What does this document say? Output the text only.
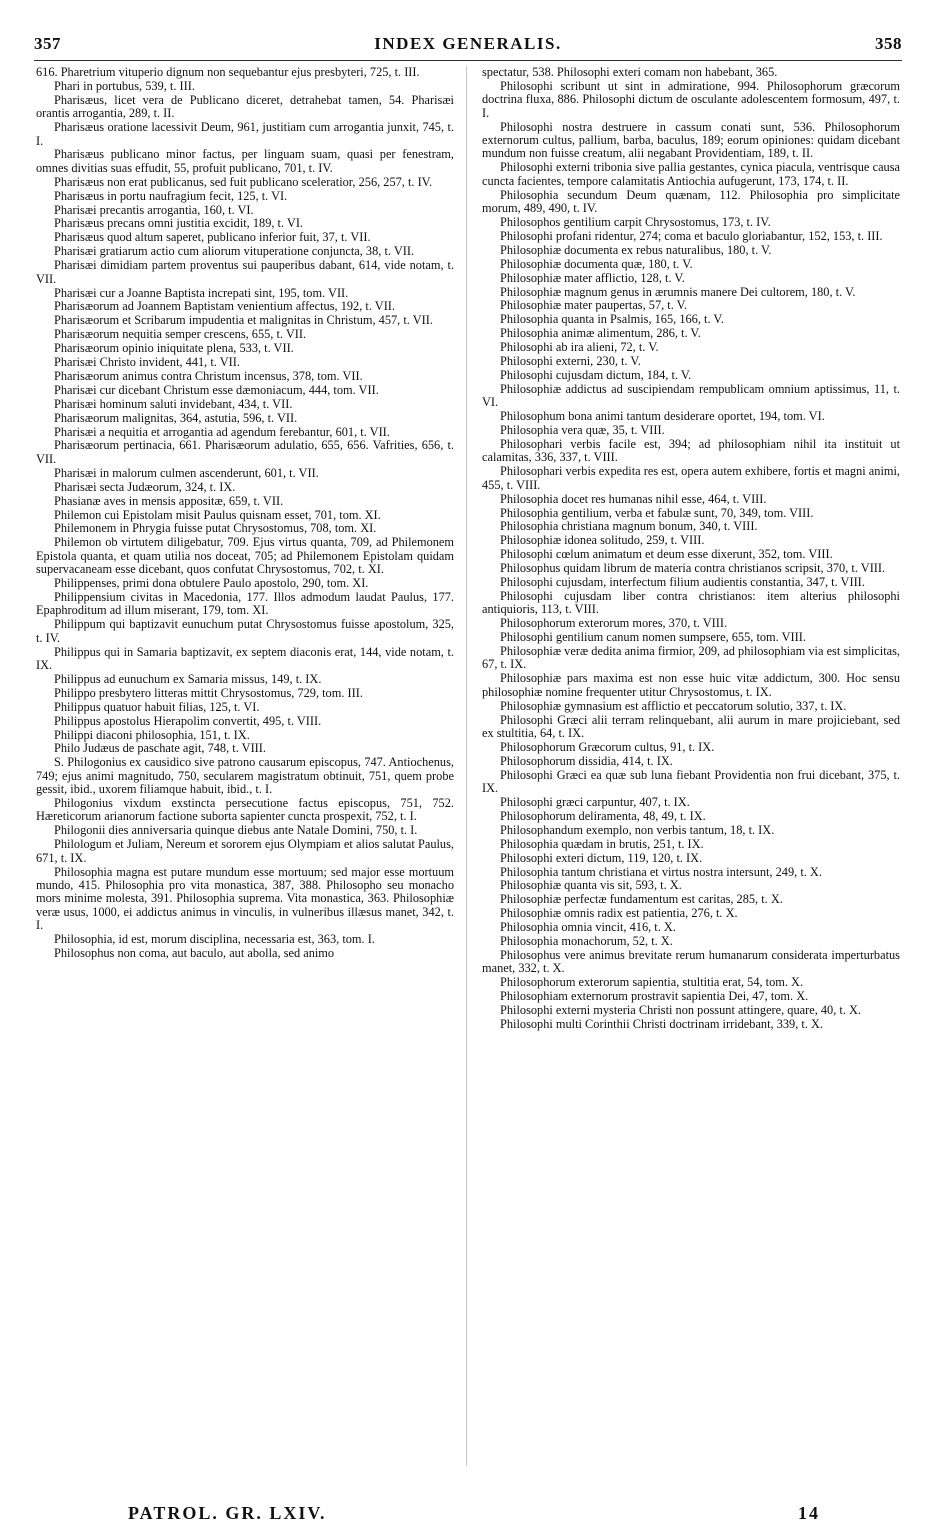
357	INDEX GENERALIS.	358

616. Pharetrium vituperio dignum non sequebantur ejus presbyteri, 725, t. III.

Phari in portubus, 539, t. III.

Pharisæus, licet vera de Publicano diceret, detrahebat tamen, 54. Pharisæi orantis arrogantia, 289, t. II.

Pharisæus oratione lacessivit Deum, 961, justitiam cum arrogantia junxit, 745, t. I.

Pharisæus publicano minor factus, per linguam suam, quasi per fenestram, omnes divitias suas effudit, 55, profuit publicano, 701, t. IV.

Pharisæus non erat publicanus, sed fuit publicano sceleratior, 256, 257, t. IV.

Pharisæus in portu naufragium fecit, 125, t. VI.

Pharisæi precantis arrogantia, 160, t. VI.

Pharisæus precans omni justitia excidit, 189, t. VI.

Pharisæus quod altum saperet, publicano inferior fuit, 37, t. VII.

Pharisæi gratiarum actio cum aliorum vituperatione conjuncta, 38, t. VII.

Pharisæi dimidiam partem proventus sui pauperibus dabant, 614, vide notam, t. VII.

Pharisæi cur a Joanne Baptista increpati sint, 195, tom. VII.

Pharisæorum ad Joannem Baptistam venientium affectus, 192, t. VII.

Pharisæorum et Scribarum impudentia et malignitas in Christum, 457, t. VII.

Pharisæorum nequitia semper crescens, 655, t. VII.

Pharisæorum opinio iniquitate plena, 533, t. VII.

Pharisæi Christo invident, 441, t. VII.

Pharisæorum animus contra Christum incensus, 378, tom. VII.

Pharisæi cur dicebant Christum esse dæmoniacum, 444, tom. VII.

Pharisæi hominum saluti invidebant, 434, t. VII.

Pharisæorum malignitas, 364, astutia, 596, t. VII.

Pharisæi a nequitia et arrogantia ad agendum ferebantur, 601, t. VII.

Pharisæorum pertinacia, 661. Pharisæorum adulatio, 655, 656. Vafrities, 656, t. VII.

Pharisæi in malorum culmen ascenderunt, 601, t. VII.

Pharisæi secta Judæorum, 324, t. IX.

Phasianæ aves in mensis appositæ, 659, t. VII.

Philemon cui Epistolam misit Paulus quisnam esset, 701, tom. XI.

Philemonem in Phrygia fuisse putat Chrysostomus, 708, tom. XI.

Philemon ob virtutem diligebatur, 709. Ejus virtus quanta, 709, ad Philemonem Epistola quanta, et quam utilia nos doceat, 705; ad Philemonem Epistolam quidam supervacaneam esse dicebant, quos confutat Chrysostomus, 702, t. XI.

Philippenses, primi dona obtulere Paulo apostolo, 290, tom. XI.

Philippensium civitas in Macedonia, 177. Illos admodum laudat Paulus, 177. Epaphroditum ad illum miserant, 179, tom. XI.

Philippum qui baptizavit eunuchum putat Chrysostomus fuisse apostolum, 325, t. IV.

Philippus qui in Samaria baptizavit, ex septem diaconis erat, 144, vide notam, t. IX.

Philippus ad eunuchum ex Samaria missus, 149, t. IX.

Philippo presbytero litteras mittit Chrysostomus, 729, tom. III.

Philippus quatuor habuit filias, 125, t. VI.

Philippus apostolus Hierapolim convertit, 495, t. VIII.

Philippi diaconi philosophia, 151, t. IX.

Philo Judæus de paschate agit, 748, t. VIII.

S. Philogonius ex causidico sive patrono causarum episcopus, 747. Antiochenus, 749; ejus animi magnitudo, 750, secularem magistratum obtinuit, 751, quem probe gessit, ibid., uxorem filiamque habuit, ibid., t. I.

Philogonius vixdum exstincta persecutione factus episcopus, 751, 752. Hæreticorum arianorum factione suborta sapienter cuncta prospexit, 752, t. I.

Philogonii dies anniversaria quinque diebus ante Natale Domini, 750, t. I.

Philologum et Juliam, Nereum et sororem ejus Olympiam et alios salutat Paulus, 671, t. IX.

Philosophia magna est putare mundum esse mortuum; sed major esse mortuum mundo, 415. Philosophia pro vita monastica, 387, 388. Philosopho seu monacho mors minime molesta, 391. Philosophia suprema. Vita monastica, 363. Philosophiæ veræ usus, 1000, ei addictus animus in vinculis, in vulneribus illæsus manet, 342, t. I.

Philosophia, id est, morum disciplina, necessaria est, 363, tom. I.

Philosophus non coma, aut baculo, aut abolla, sed animo

spectatur, 538. Philosophi exteri comam non habebant, 365.

Philosophi scribunt ut sint in admiratione, 994. Philosophorum græcorum doctrina fluxa, 886. Philosophi dictum de osculante adolescentem formosum, 497, t. I.

Philosophi nostra destruere in cassum conati sunt, 536. Philosophorum externorum cultus, pallium, barba, baculus, 189; eorum opiniones: quidam dicebant mundum non fuisse creatum, alii negabant Providentiam, 189, t. II.

Philosophi externi tribonia sive pallia gestantes, cynica piacula, ventrisque causa cuncta facientes, tempore calamitatis Antiochia aufugerunt, 173, 174, t. II.

Philosophia secundum Deum quænam, 112. Philosophia pro simplicitate morum, 489, 490, t. IV.

Philosophos gentilium carpit Chrysostomus, 173, t. IV.

Philosophi profani ridentur, 274; coma et baculo gloriabantur, 152, 153, t. III.

Philosophiæ documenta ex rebus naturalibus, 180, t. V.

Philosophiæ documenta quæ, 180, t. V.

Philosophiæ mater afflictio, 128, t. V.

Philosophiæ magnum genus in ærumnis manere Dei cultorem, 180, t. V.

Philosophiæ mater paupertas, 57, t. V.

Philosophia quanta in Psalmis, 165, 166, t. V.

Philosophia animæ alimentum, 286, t. V.

Philosophi ab ira alieni, 72, t. V.

Philosophi externi, 230, t. V.

Philosophi cujusdam dictum, 184, t. V.

Philosophiæ addictus ad suscipiendam rempublicam omnium aptissimus, 11, t. VI.

Philosophum bona animi tantum desiderare oportet, 194, tom. VI.

Philosophia vera quæ, 35, t. VIII.

Philosophari verbis facile est, 394; ad philosophiam nihil ita instituit ut calamitas, 336, 337, t. VIII.

Philosophari verbis expedita res est, opera autem exhibere, fortis et magni animi, 455, t. VIII.

Philosophia docet res humanas nihil esse, 464, t. VIII.

Philosophia gentilium, verba et fabulæ sunt, 70, 349, tom. VIII.

Philosophia christiana magnum bonum, 340, t. VIII.

Philosophiæ idonea solitudo, 259, t. VIII.

Philosophi cœlum animatum et deum esse dixerunt, 352, tom. VIII.

Philosophus quidam librum de materia contra christianos scripsit, 370, t. VIII.

Philosophi cujusdam, interfectum filium audientis constantia, 347, t. VIII.

Philosophi cujusdam liber contra christianos: item alterius philosophi antiquioris, 113, t. VIII.

Philosophorum exterorum mores, 370, t. VIII.

Philosophi gentilium canum nomen sumpsere, 655, tom. VIII.

Philosophiæ veræ dedita anima firmior, 209, ad philosophiam via est simplicitas, 67, t. IX.

Philosophiæ pars maxima est non esse huic vitæ addictum, 300. Hoc sensu philosophiæ nomine frequenter utitur Chrysostomus, t. IX.

Philosophiæ gymnasium est afflictio et peccatorum solutio, 337, t. IX.

Philosophi Græci alii terram relinquebant, alii aurum in mare projiciebant, sed ex stultitia, 64, t. IX.

Philosophorum Græcorum cultus, 91, t. IX.

Philosophorum dissidia, 414, t. IX.

Philosophi Græci ea quæ sub luna fiebant Providentia non frui dicebant, 375, t. IX.

Philosophi græci carpuntur, 407, t. IX.

Philosophorum deliramenta, 48, 49, t. IX.

Philosophandum exemplo, non verbis tantum, 18, t. IX.

Philosophia quædam in brutis, 251, t. IX.

Philosophi exteri dictum, 119, 120, t. IX.

Philosophia tantum christiana et virtus nostra intersunt, 249, t. X.

Philosophiæ quanta vis sit, 593, t. X.

Philosophiæ perfectæ fundamentum est caritas, 285, t. X.

Philosophiæ omnis radix est patientia, 276, t. X.

Philosophia omnia vincit, 416, t. X.

Philosophia monachorum, 52, t. X.

Philosophus vere animus brevitate rerum humanarum considerata imperturbatus manet, 332, t. X.

Philosophorum exterorum sapientia, stultitia erat, 54, tom. X.

Philosophiam externorum prostravit sapientia Dei, 47, tom. X.

Philosophi externi mysteria Christi non possunt attingere, quare, 40, t. X.

Philosophi multi Corinthii Christi doctrinam irridebant, 339, t. X.

PATROL. GR. LXIV.	14
